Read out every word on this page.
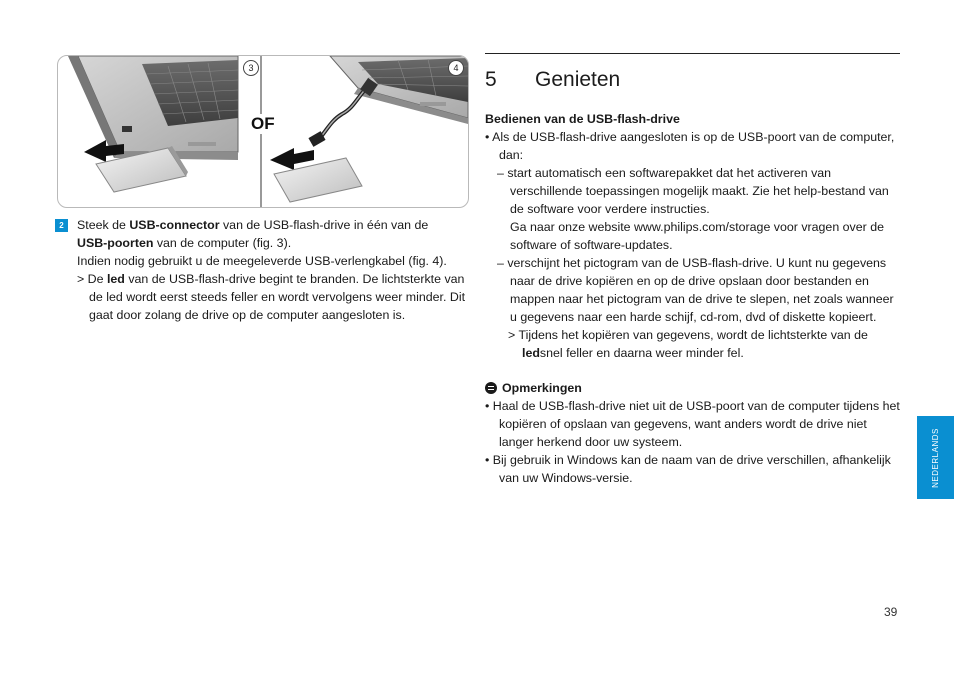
3	4
OF
2	Steek de USB-connector van de USB-flash-drive in één van de
USB-poorten van de computer (fig. 3).
Indien nodig gebruikt u de meegeleverde USB-verlengkabel (fig. 4).
> De led van de USB-flash-drive begint te branden. De lichtsterkte van de led wordt eerst steeds feller en wordt vervolgens weer minder. Dit gaat door zolang de drive op de computer aangesloten is.
5 Genieten
Bedienen van de USB-flash-drive
• Als de USB-flash-drive aangesloten is op de USB-poort van de computer, dan:
– start automatisch een softwarepakket dat het activeren van verschillende toepassingen mogelijk maakt. Zie het help-bestand van de software voor verdere instructies.
Ga naar onze website www.philips.com/storage voor vragen over de software of software-updates.
– verschijnt het pictogram van de USB-flash-drive. U kunt nu gegevens naar de drive kopiëren en op de drive opslaan door bestanden en mappen naar het pictogram van de drive te slepen, net zoals wanneer u gegevens naar een harde schijf, cd-rom, dvd of diskette kopieert.
> Tijdens het kopiëren van gegevens, wordt de lichtsterkte van de
ledsnel feller en daarna weer minder fel.
Opmerkingen
• Haal de USB-flash-drive niet uit de USB-poort van de computer tijdens het kopiëren of opslaan van gegevens, want anders wordt de drive niet langer herkend door uw systeem.
• Bij gebruik in Windows kan de naam van de drive verschillen, afhankelijk van uw Windows-versie.	NEDERLANDS
39
